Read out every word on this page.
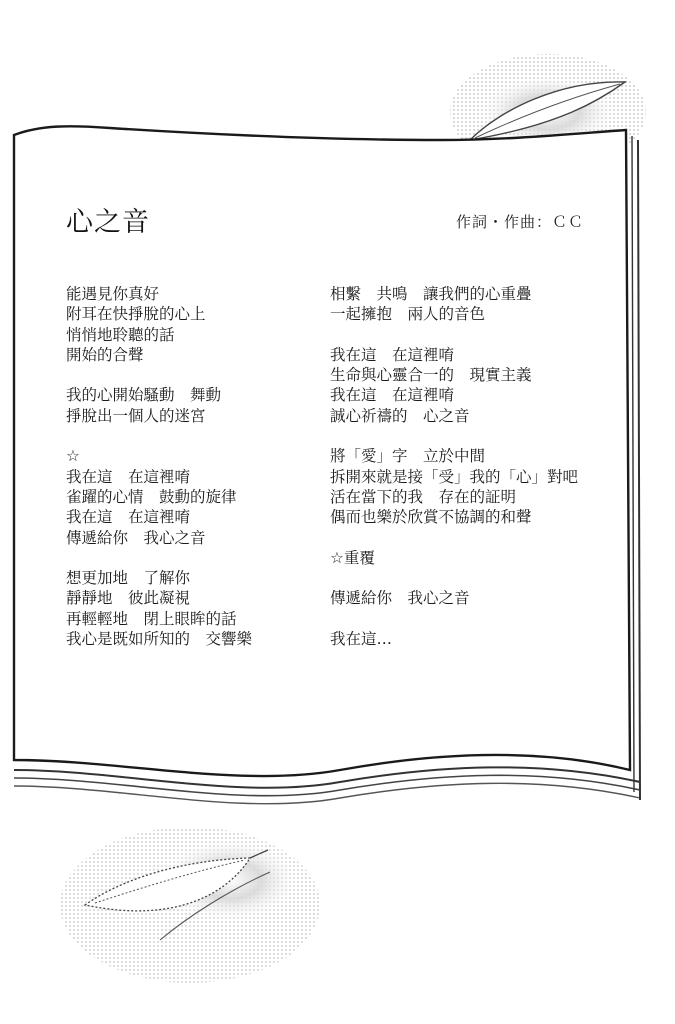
心之音	作詞・作曲：ＣＣ
能遇見你真好
附耳在快掙脫的心上
悄悄地聆聽的話
開始的合聲
我的心開始騷動　舞動
掙脫出一個人的迷宮
☆
我在這　在這裡唷
雀躍的心情　鼓動的旋律
我在這　在這裡唷
傳遞給你　我心之音
想更加地　了解你
靜靜地　彼此凝視
再輕輕地　閉上眼眸的話
我心是既如所知的　交響樂
相繫　共鳴　讓我們的心重疊
一起擁抱　兩人的音色
我在這　在這裡唷
生命與心靈合一的　現實主義
我在這　在這裡唷
誠心祈禱的　心之音
將「愛」字　立於中間
拆開來就是接「受」我的「心」對吧
活在當下的我　存在的証明
偶而也樂於欣賞不協調的和聲
☆重覆
傳遞給你　我心之音
我在這…
